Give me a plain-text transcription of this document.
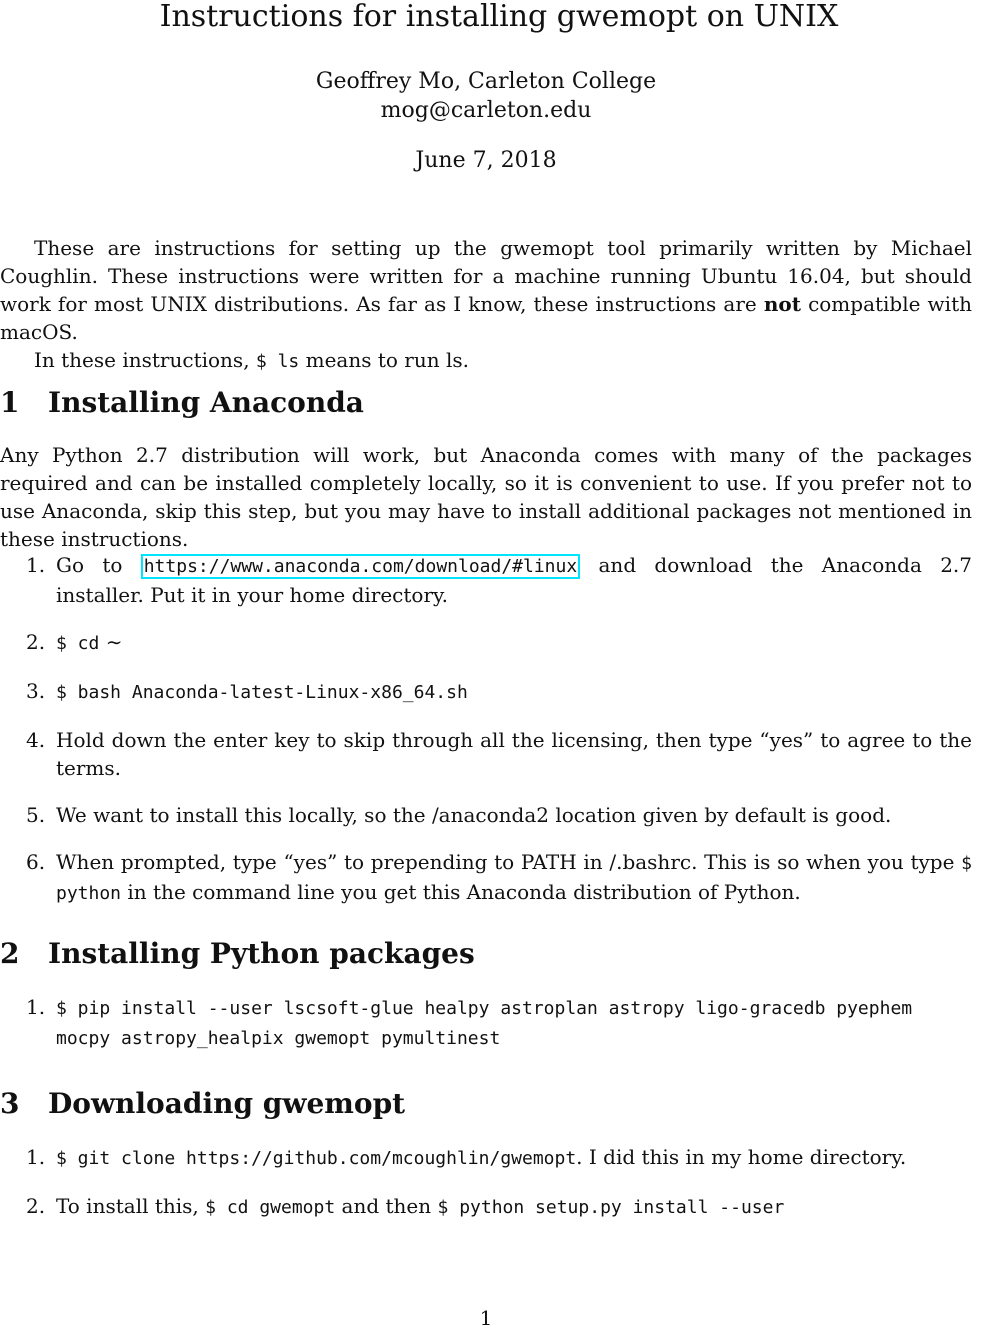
Instructions for installing gwemopt on UNIX
Geoffrey Mo, Carleton College
mog@carleton.edu
June 7, 2018

These are instructions for setting up the gwemopt tool primarily written by Michael Coughlin. These instructions were written for a machine running Ubuntu 16.04, but should work for most UNIX distributions. As far as I know, these instructions are not compatible with macOS.

In these instructions, $ ls means to run ls.

1 Installing Anaconda
Any Python 2.7 distribution will work, but Anaconda comes with many of the packages required and can be installed completely locally, so it is convenient to use. If you prefer not to use Anaconda, skip this step, but you may have to install additional packages not mentioned in these instructions.
1. Go to https://www.anaconda.com/download/#linux and download the Anaconda 2.7 installer. Put it in your home directory.
2. $ cd ∼
3. $ bash Anaconda-latest-Linux-x86_64.sh
4. Hold down the enter key to skip through all the licensing, then type “yes” to agree to the terms.
5. We want to install this locally, so the /anaconda2 location given by default is good.
6. When prompted, type “yes” to prepending to PATH in /.bashrc. This is so when you type $ python in the command line you get this Anaconda distribution of Python.
2 Installing Python packages
1. $ pip install --user lscsoft-glue healpy astroplan astropy ligo-gracedb pyephem mocpy astropy_healpix gwemopt pymultinest
3 Downloading gwemopt
1. $ git clone https://github.com/mcoughlin/gwemopt. I did this in my home directory.
2. To install this, $ cd gwemopt and then $ python setup.py install --user
1
